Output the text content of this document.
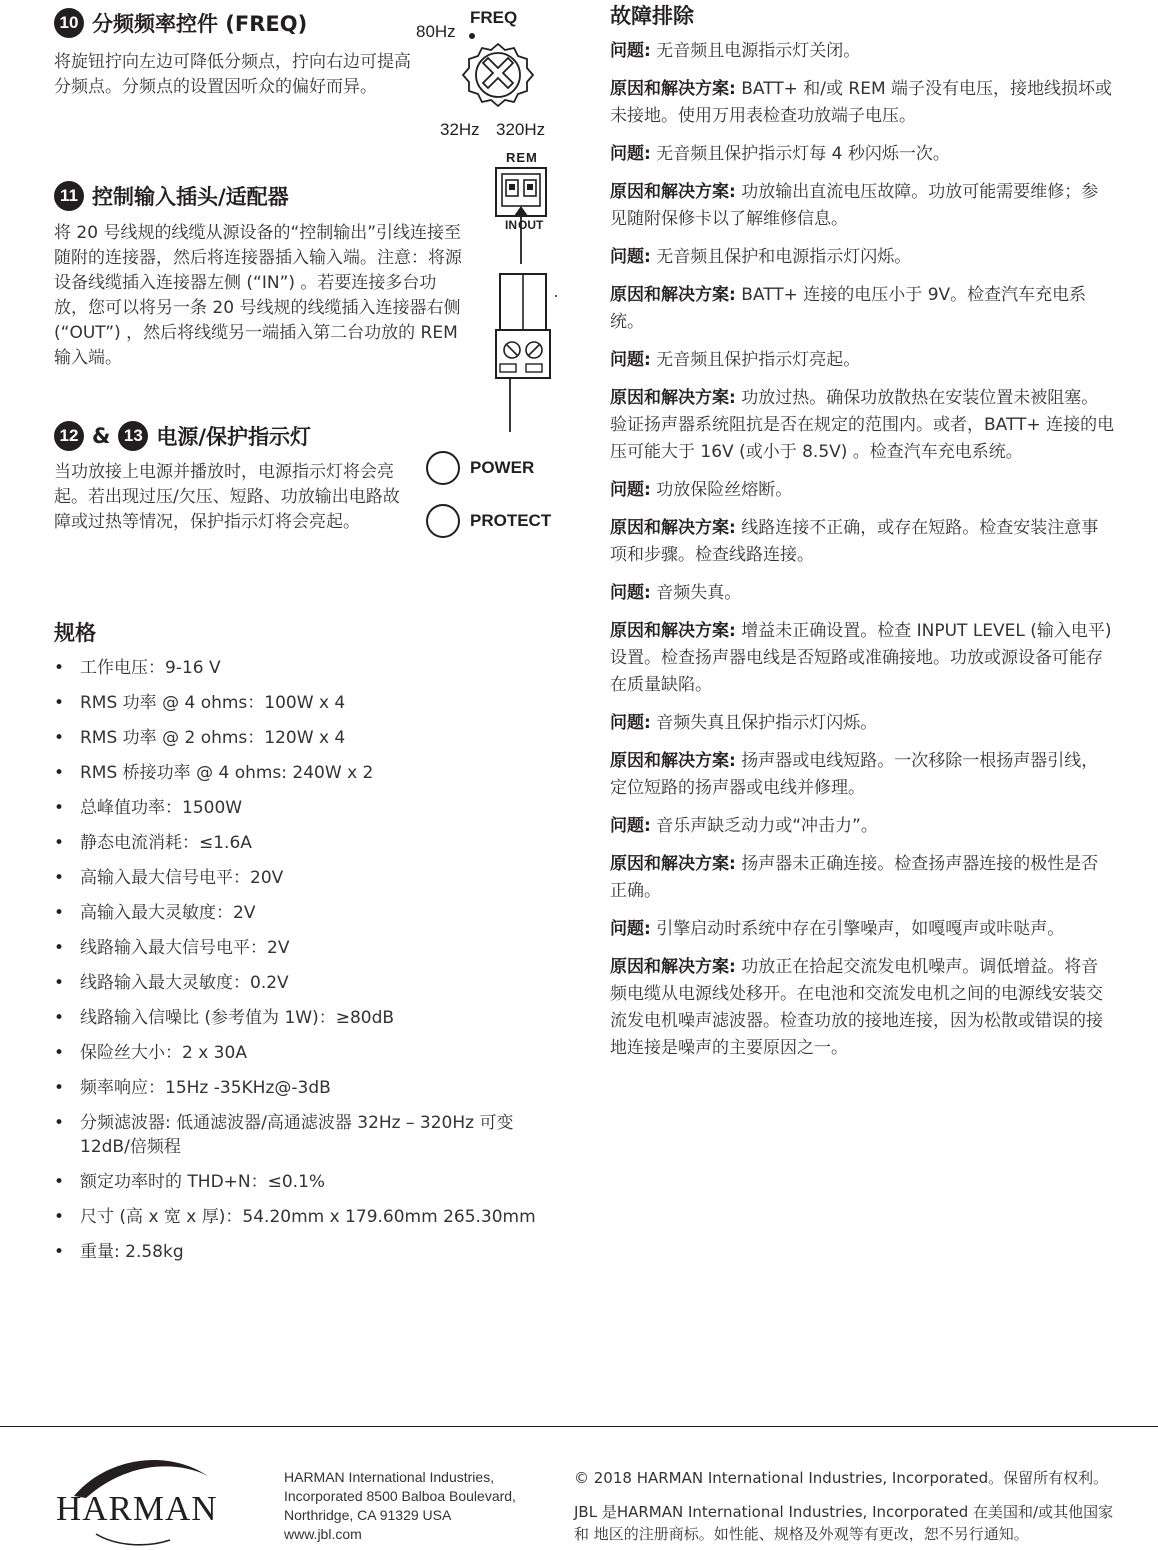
10 分频频率控件 (FREQ)
将旋钮拧向左边可降低分频点，拧向右边可提高分频点。分频点的设置因听众的偏好而异。
80Hz
FREQ
32Hz 320Hz
11 控制输入插头/适配器
将 20 号线规的线缆从源设备的“控制输出”引线连接至随附的连接器，然后将连接器插入输入端。注意：将源设备线缆插入连接器左侧 (“IN”) 。若要连接多台功放，您可以将另一条 20 号线规的线缆插入连接器右侧 (“OUT”) ，然后将线缆另一端插入第二台功放的 REM 输入端。
REM
INOUT
12 & 13 电源/保护指示灯
当功放接上电源并播放时，电源指示灯将会亮起。若出现过压/欠压、短路、功放输出电路故障或过热等情况，保护指示灯将会亮起。
POWER
PROTECT
规格
• 工作电压：9-16 V
• RMS 功率 @ 4 ohms：100W x 4
• RMS 功率 @ 2 ohms：120W x 4
• RMS 桥接功率 @ 4 ohms: 240W x 2
• 总峰值功率：1500W
• 静态电流消耗：≤1.6A
• 高输入最大信号电平：20V
• 高输入最大灵敏度：2V
• 线路输入最大信号电平：2V
• 线路输入最大灵敏度：0.2V
• 线路输入信噪比 (参考值为 1W)：≥80dB
• 保险丝大小：2 x 30A
• 频率响应：15Hz -35KHz@-3dB
• 分频滤波器: 低通滤波器/高通滤波器 32Hz – 320Hz 可变 12dB/倍频程
• 额定功率时的 THD+N：≤0.1%
• 尺寸 (高 x 宽 x 厚)：54.20mm x 179.60mm 265.30mm
• 重量: 2.58kg
故障排除

问题: 无音频且电源指示灯关闭。

原因和解决方案: BATT+ 和/或 REM 端子没有电压，接地线损坏或未接地。使用万用表检查功放端子电压。

问题: 无音频且保护指示灯每 4 秒闪烁一次。

原因和解决方案: 功放输出直流电压故障。功放可能需要维修；参见随附保修卡以了解维修信息。

问题: 无音频且保护和电源指示灯闪烁。

原因和解决方案: BATT+ 连接的电压小于 9V。检查汽车充电系统。

问题: 无音频且保护指示灯亮起。

原因和解决方案: 功放过热。确保功放散热在安装位置未被阻塞。验证扬声器系统阻抗是否在规定的范围内。或者，BATT+ 连接的电压可能大于 16V (或小于 8.5V) 。检查汽车充电系统。

问题: 功放保险丝熔断。

原因和解决方案: 线路连接不正确，或存在短路。检查安装注意事项和步骤。检查线路连接。

问题: 音频失真。

原因和解决方案: 增益未正确设置。检查 INPUT LEVEL (输入电平) 设置。检查扬声器电线是否短路或准确接地。功放或源设备可能存在质量缺陷。

问题: 音频失真且保护指示灯闪烁。

原因和解决方案: 扬声器或电线短路。一次移除一根扬声器引线，定位短路的扬声器或电线并修理。

问题: 音乐声缺乏动力或“冲击力”。

原因和解决方案: 扬声器未正确连接。检查扬声器连接的极性是否正确。

问题: 引擎启动时系统中存在引擎噪声，如嘎嘎声或咔哒声。

原因和解决方案: 功放正在拾起交流发电机噪声。调低增益。将音频电缆从电源线处移开。在电池和交流发电机之间的电源线安装交流发电机噪声滤波器。检查功放的接地连接，因为松散或错误的接地连接是噪声的主要原因之一。

HARMAN
HARMAN International Industries,
Incorporated 8500 Balboa Boulevard,
Northridge, CA 91329 USA
www.jbl.com
© 2018 HARMAN International Industries, Incorporated。保留所有权利。
JBL 是HARMAN International Industries, Incorporated 在美国和/或其他国家和 地区的注册商标。如性能、规格及外观等有更改，恕不另行通知。
